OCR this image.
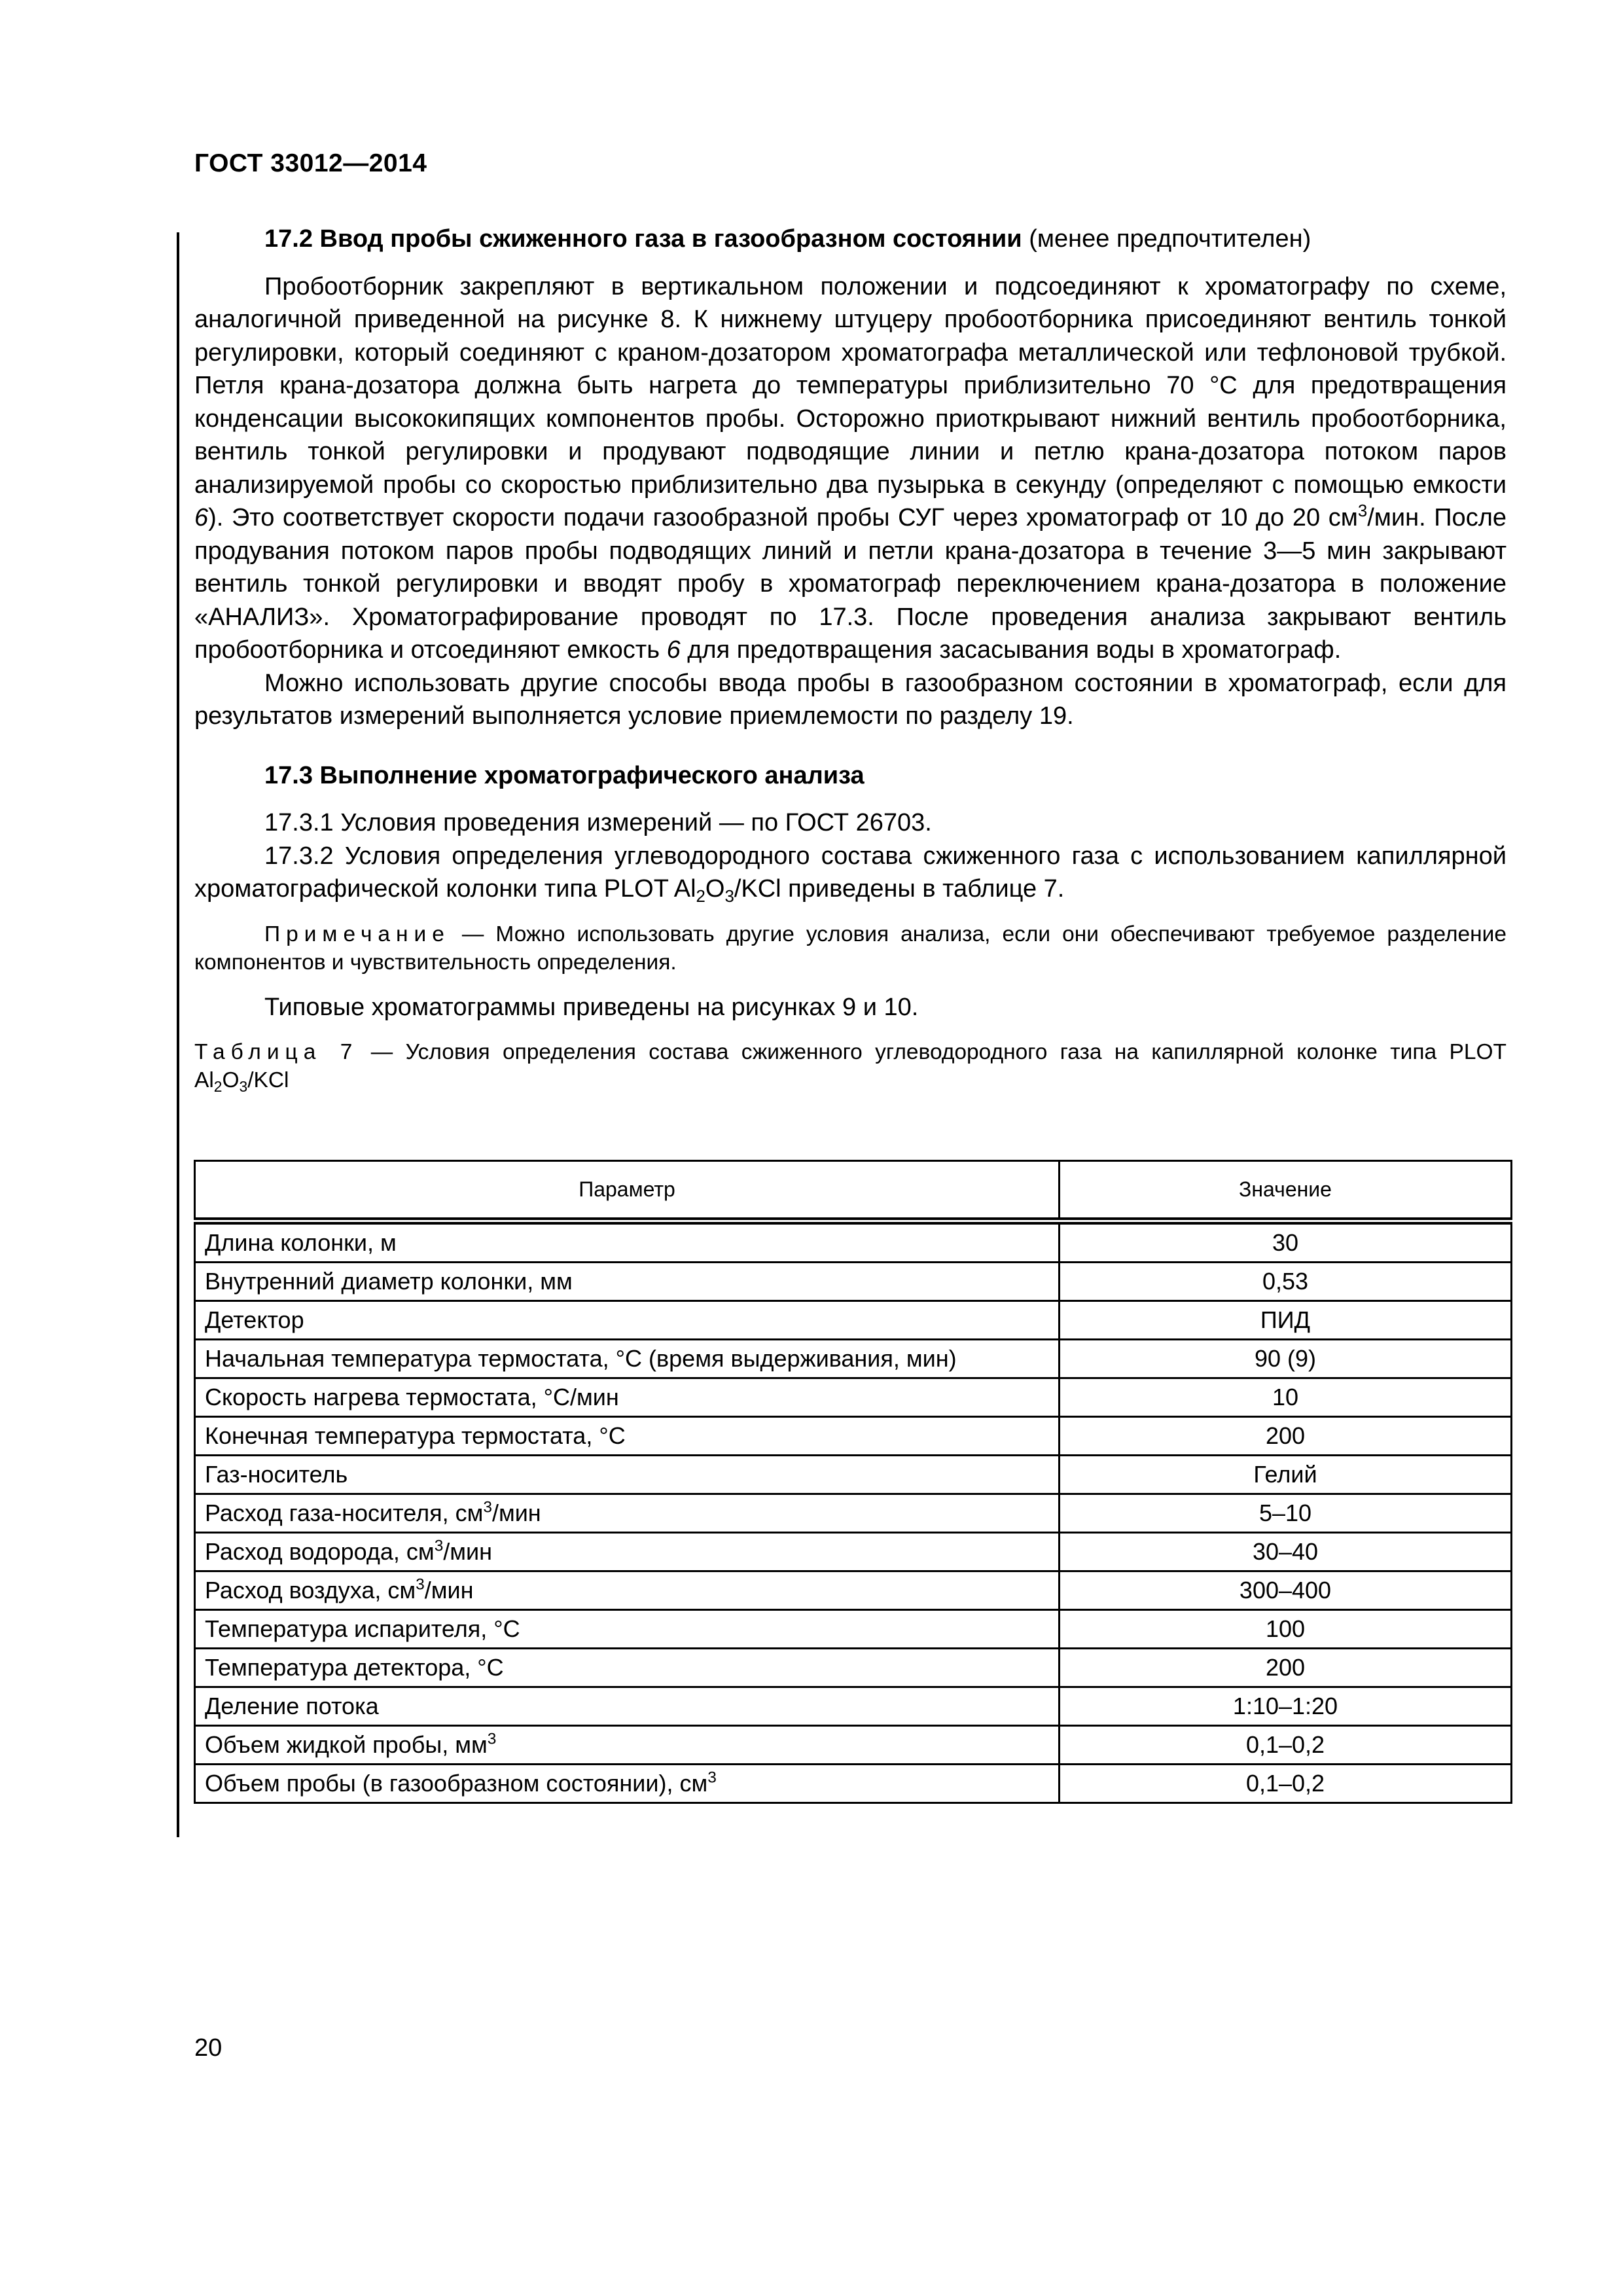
ГОСТ 33012—2014

17.2 Ввод пробы сжиженного газа в газообразном состоянии (менее предпочтителен)

Пробоотборник закрепляют в вертикальном положении и подсоединяют к хроматографу по схеме, аналогичной приведенной на рисунке 8. К нижнему штуцеру пробоотборника присоединяют вентиль тонкой регулировки, который соединяют с краном-дозатором хроматографа металлической или тефлоновой трубкой. Петля крана-дозатора должна быть нагрета до температуры приблизительно 70 °С для предотвращения конденсации высококипящих компонентов пробы. Осторожно приоткрывают нижний вентиль пробоотборника, вентиль тонкой регулировки и продувают подводящие линии и петлю крана-дозатора потоком паров анализируемой пробы со скоростью приблизительно два пузырька в секунду (определяют с помощью емкости 6). Это соответствует скорости подачи газообразной пробы СУГ через хроматограф от 10 до 20 $см^3$/мин. После продувания потоком паров пробы подводящих линий и петли крана-дозатора в течение 3—5 мин закрывают вентиль тонкой регулировки и вводят пробу в хроматограф переключением крана-дозатора в положение «АНАЛИЗ». Хроматографирование проводят по 17.3. После проведения анализа закрывают вентиль пробоотборника и отсоединяют емкость 6 для предотвращения засасывания воды в хроматограф.

Можно использовать другие способы ввода пробы в газообразном состоянии в хроматограф, если для результатов измерений выполняется условие приемлемости по разделу 19.

17.3 Выполнение хроматографического анализа

17.3.1 Условия проведения измерений — по ГОСТ 26703.

17.3.2 Условия определения углеводородного состава сжиженного газа с использованием капиллярной хроматографической колонки типа PLOT $Al_2O_3$/KCl приведены в таблице 7.

Примечание — Можно использовать другие условия анализа, если они обеспечивают требуемое разделение компонентов и чувствительность определения.

Типовые хроматограммы приведены на рисунках 9 и 10.

Таблица 7 — Условия определения состава сжиженного углеводородного газа на капиллярной колонке типа PLOT $Al_2O_3$/KCl

Параметр	Значение
Длина колонки, м	30
Внутренний диаметр колонки, мм	0,53
Детектор	ПИД
Начальная температура термостата, °С (время выдерживания, мин)	90 (9)
Скорость нагрева термостата, °С/мин	10
Конечная температура термостата, °С	200
Газ-носитель	Гелий
Расход газа-носителя, $см^3$/мин	5–10
Расход водорода, $см^3$/мин	30–40
Расход воздуха, $см^3$/мин	300–400
Температура испарителя, °С	100
Температура детектора, °С	200
Деление потока	1:10–1:20
Объем жидкой пробы, $мм^3$	0,1–0,2
Объем пробы (в газообразном состоянии), $см^3$	0,1–0,2
20
